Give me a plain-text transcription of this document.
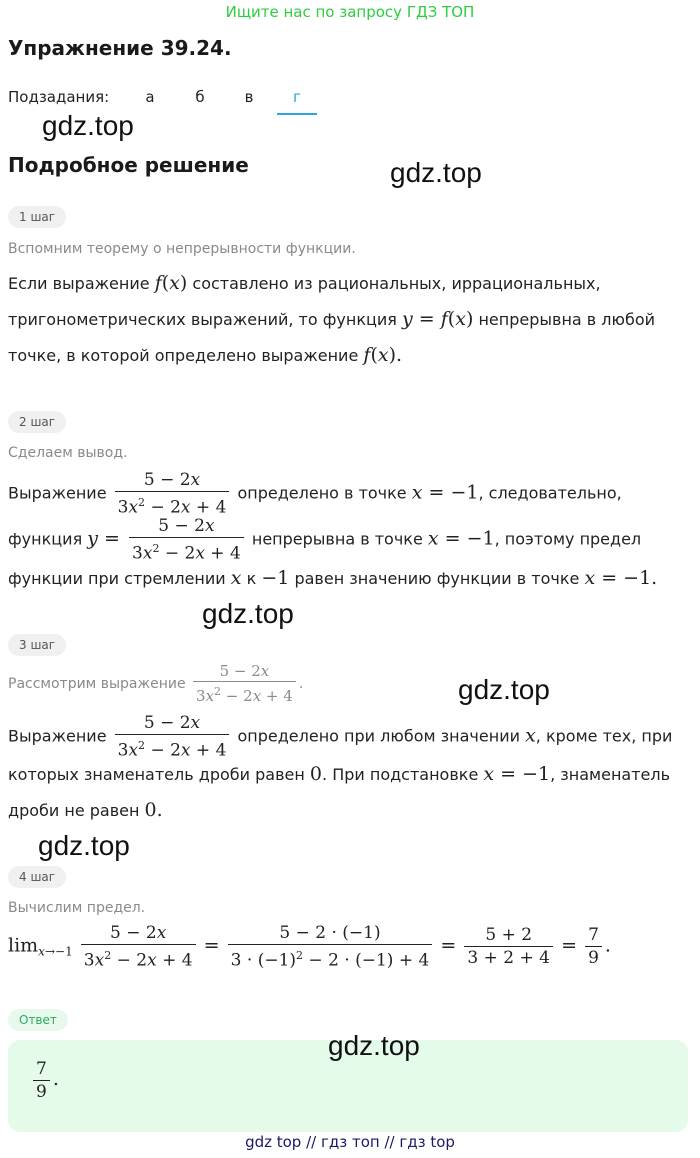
Ищите нас по запросу ГДЗ ТОП
Упражнение 39.24.
Подзадания:	а	б	в	г
gdz.top
gdz.top
Подробное решение
1 шаг
Вспомним теорему о непрерывности функции.
Если выражение f(x) составлено из рациональных, иррациональных,
тригонометрических выражений, то функция y = f(x) непрерывна в любой
точке, в которой определено выражение f(x).
2 шаг
Сделаем вывод.
Выражение $\frac{5 - 2x}{3x^2 - 2x + 4}$ определено в точке x = −1, следовательно,
функция $y = \frac{5 - 2x}{3x^2 - 2x + 4}$ непрерывна в точке x = −1, поэтому предел
функции при стремлении x к −1 равен значению функции в точке x = −1.
gdz.top
3 шаг
Рассмотрим выражение $\frac{5 - 2x}{3x^2 - 2x + 4}$ .	gdz.top
Выражение $\frac{5 - 2x}{3x^2 - 2x + 4}$ определено при любом значении x, кроме тех, при
которых знаменатель дроби равен 0. При подстановке x = −1, знаменатель
дроби не равен 0.
gdz.top
4 шаг
Вычислим предел.
$\lim_{x\to-1} \frac{5 - 2x}{3x^2 - 2x + 4} = \frac{5 - 2 \cdot (-1)}{3 \cdot (-1)^2 - 2 \cdot (-1) + 4} = \frac{5 + 2}{3 + 2 + 4} = \frac{7}{9}$ .
Ответ
gdz.top
$\frac{7}{9}$ .
gdz top // гдз топ // гдз top
